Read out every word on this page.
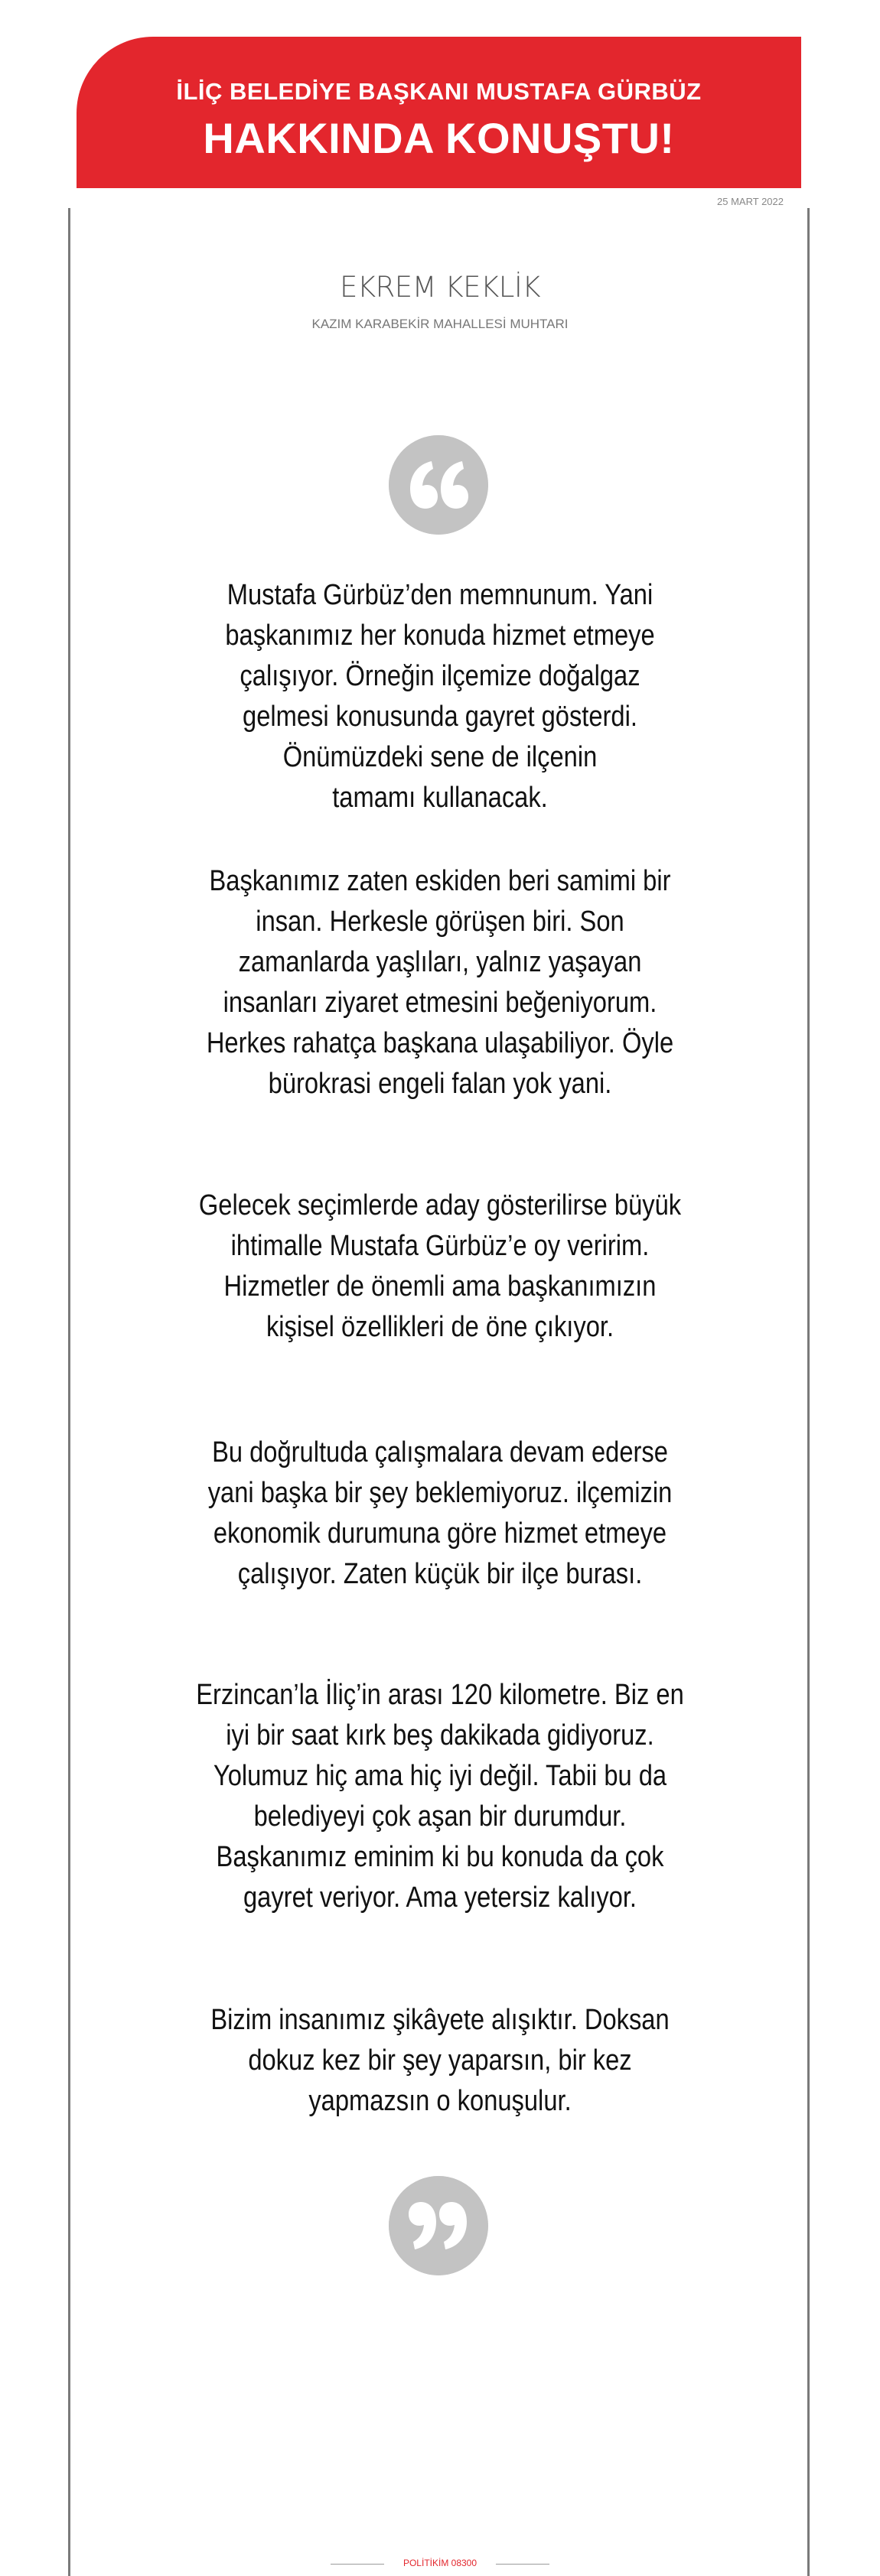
İLİÇ BELEDİYE BAŞKANI MUSTAFA GÜRBÜZ
HAKKINDA KONUŞTU!
25 MART 2022
EKREM KEKLİK
KAZIM KARABEKİR MAHALLESİ MUHTARI
Mustafa Gürbüz’den memnunum. Yani
başkanımız her konuda hizmet etmeye
çalışıyor. Örneğin ilçemize doğalgaz
gelmesi konusunda gayret gösterdi.
Önümüzdeki sene de ilçenin
tamamı kullanacak.
Başkanımız zaten eskiden beri samimi bir
insan. Herkesle görüşen biri. Son
zamanlarda yaşlıları, yalnız yaşayan
insanları ziyaret etmesini beğeniyorum.
Herkes rahatça başkana ulaşabiliyor. Öyle
bürokrasi engeli falan yok yani.
Gelecek seçimlerde aday gösterilirse büyük
ihtimalle Mustafa Gürbüz’e oy veririm.
Hizmetler de önemli ama başkanımızın
kişisel özellikleri de öne çıkıyor.
Bu doğrultuda çalışmalara devam ederse
yani başka bir şey beklemiyoruz. ilçemizin
ekonomik durumuna göre hizmet etmeye
çalışıyor. Zaten küçük bir ilçe burası.
Erzincan’la İliç’in arası 120 kilometre. Biz en
iyi bir saat kırk beş dakikada gidiyoruz.
Yolumuz hiç ama hiç iyi değil. Tabii bu da
belediyeyi çok aşan bir durumdur.
Başkanımız eminim ki bu konuda da çok
gayret veriyor. Ama yetersiz kalıyor.
Bizim insanımız şikâyete alışıktır. Doksan
dokuz kez bir şey yaparsın, bir kez
yapmazsın o konuşulur.
POLİTİKİM 08300
